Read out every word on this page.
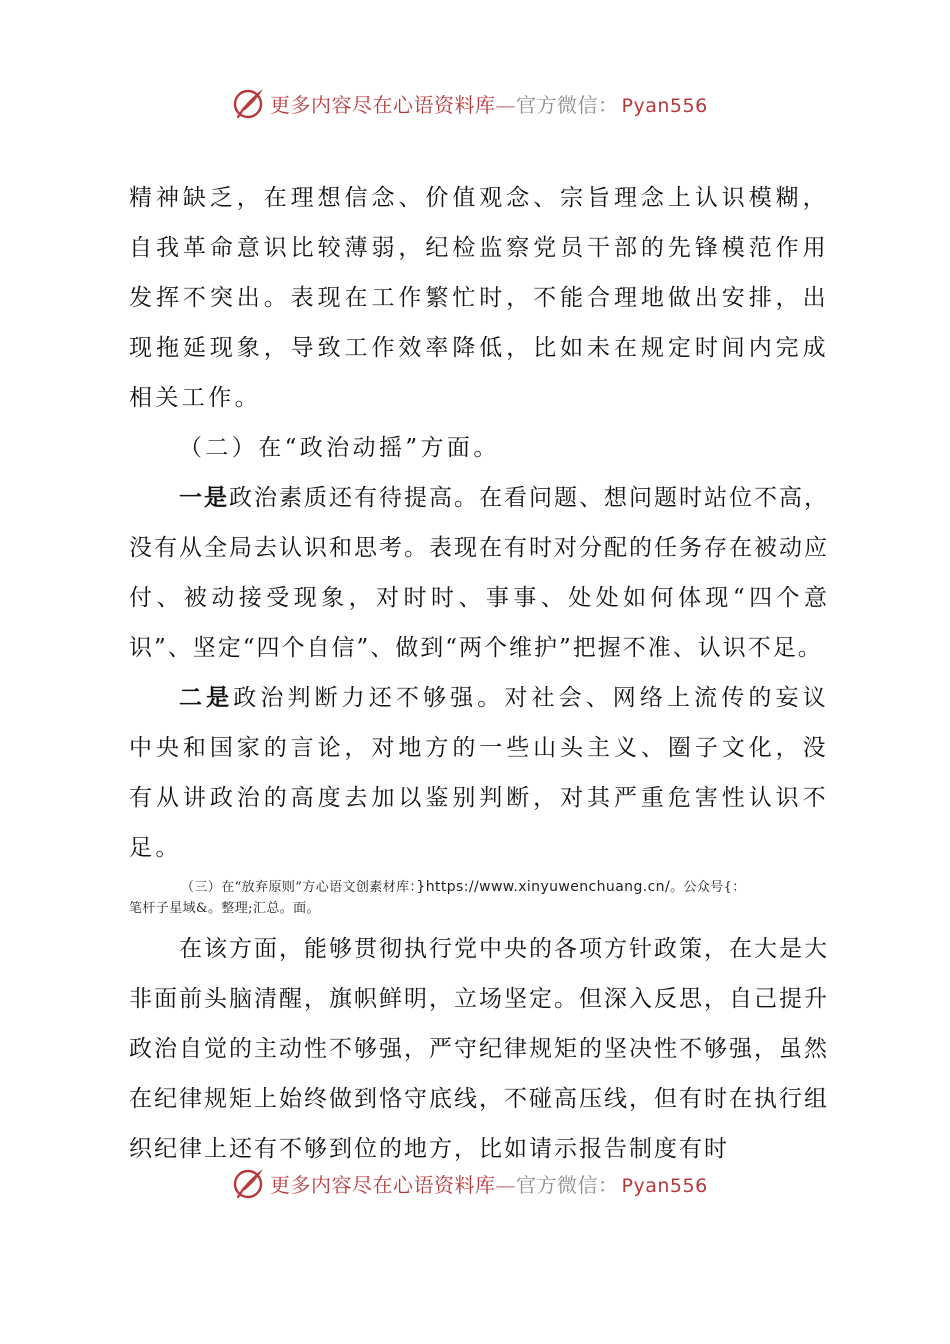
更多内容尽在心语资料库—官方微信： Pyan556

精神缺乏，在理想信念、价值观念、宗旨理念上认识模糊，自我革命意识比较薄弱，纪检监察党员干部的先锋模范作用发挥不突出。表现在工作繁忙时，不能合理地做出安排，出现拖延现象，导致工作效率降低，比如未在规定时间内完成相关工作。

（二）在“政治动摇”方面。

一是政治素质还有待提高。在看问题、想问题时站位不高，没有从全局去认识和思考。表现在有时对分配的任务存在被动应付、被动接受现象，对时时、事事、处处如何体现“四个意识”、坚定“四个自信”、做到“两个维护”把握不准、认识不足。

二是政治判断力还不够强。对社会、网络上流传的妄议中央和国家的言论，对地方的一些山头主义、圈子文化，没有从讲政治的高度去加以鉴别判断，对其严重危害性认识不足。

（三）在“放弃原则”方心语文创素材库：}https://www.xinyuwenchuang.cn/。公众号{：
笔杆子星域&。整理;汇总。面。

在该方面，能够贯彻执行党中央的各项方针政策，在大是大非面前头脑清醒，旗帜鲜明，立场坚定。但深入反思，自己提升政治自觉的主动性不够强，严守纪律规矩的坚决性不够强，虽然在纪律规矩上始终做到恪守底线，不碰高压线，但有时在执行组织纪律上还有不够到位的地方，比如请示报告制度有时

更多内容尽在心语资料库—官方微信： Pyan556
